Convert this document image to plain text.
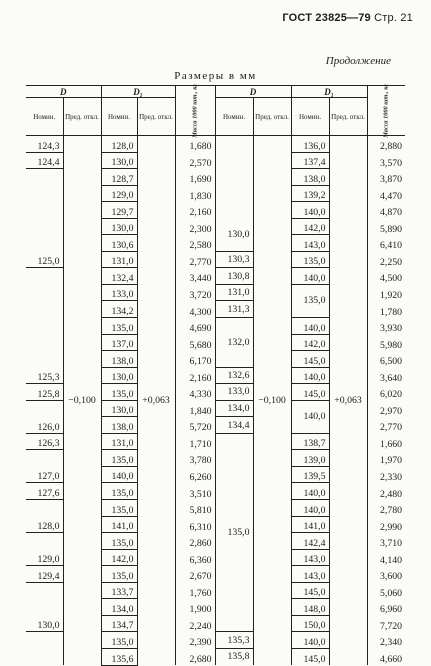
ГОСТ 23825—79 Стр. 21
Продолжение
Размеры в мм
D		D₁		Масса 1000 шт., кг	D		D₁		Масса 1000 шт., кг

Номин.	Пред. откл.	Номин.	Пред. откл.		Номин.	Пред. откл.	Номин.	Пред. откл.	
124,3	−0,100	128,0	+0,063	1,680		−0,100	136,0	+0,063	2,880
124,4		130,0		2,570			137,4		3,570
		128,7		1,690			138,0		3,870
		129,0		1,830			139,2		4,470
		129,7		2,160			140,0		4,870
		130,0		2,300	130,0		142,0		5,890
		130,6		2,580			143,0		6,410
125,0		131,0		2,770	130,3		135,0		2,250
		132,4		3,440	130,8		140,0		4,500
		133,0		3,720	131,0		135,0		1,920
		134,2		4,300	131,3				1,780
		135,0		4,690	132,0		140,0		3,930
		137,0		5,680			142,0		5,980
		138,0		6,170			145,0		6,500
125,3		130,0		2,160	132,6		140,0		3,640
125,8		135,0		4,330	133,0		145,0		6,020
		130,0		1,840	134,0		140,0		2,970
126,0		138,0		5,720	134,4				2,770
126,3		131,0		1,710	135,0		138,7		1,660
		135,0		3,780			139,0		1,970
127,0		140,0		6,260			139,5		2,330
127,6		135,0		3,510			140,0		2,480
		135,0		5,810			140,0		2,780
128,0		141,0		6,310			141,0		2,990
		135,0		2,860			142,4		3,710
129,0		142,0		6,360			143,0		4,140
129,4		135,0		2,670			143,0		3,600
		133,7		1,760			145,0		5,060
		134,0		1,900			148,0		6,960
130,0		134,7		2,240			150,0		7,720
		135,0		2,390	135,3		140,0		2,340
		135,6		2,680	135,8		145,0		4,660
